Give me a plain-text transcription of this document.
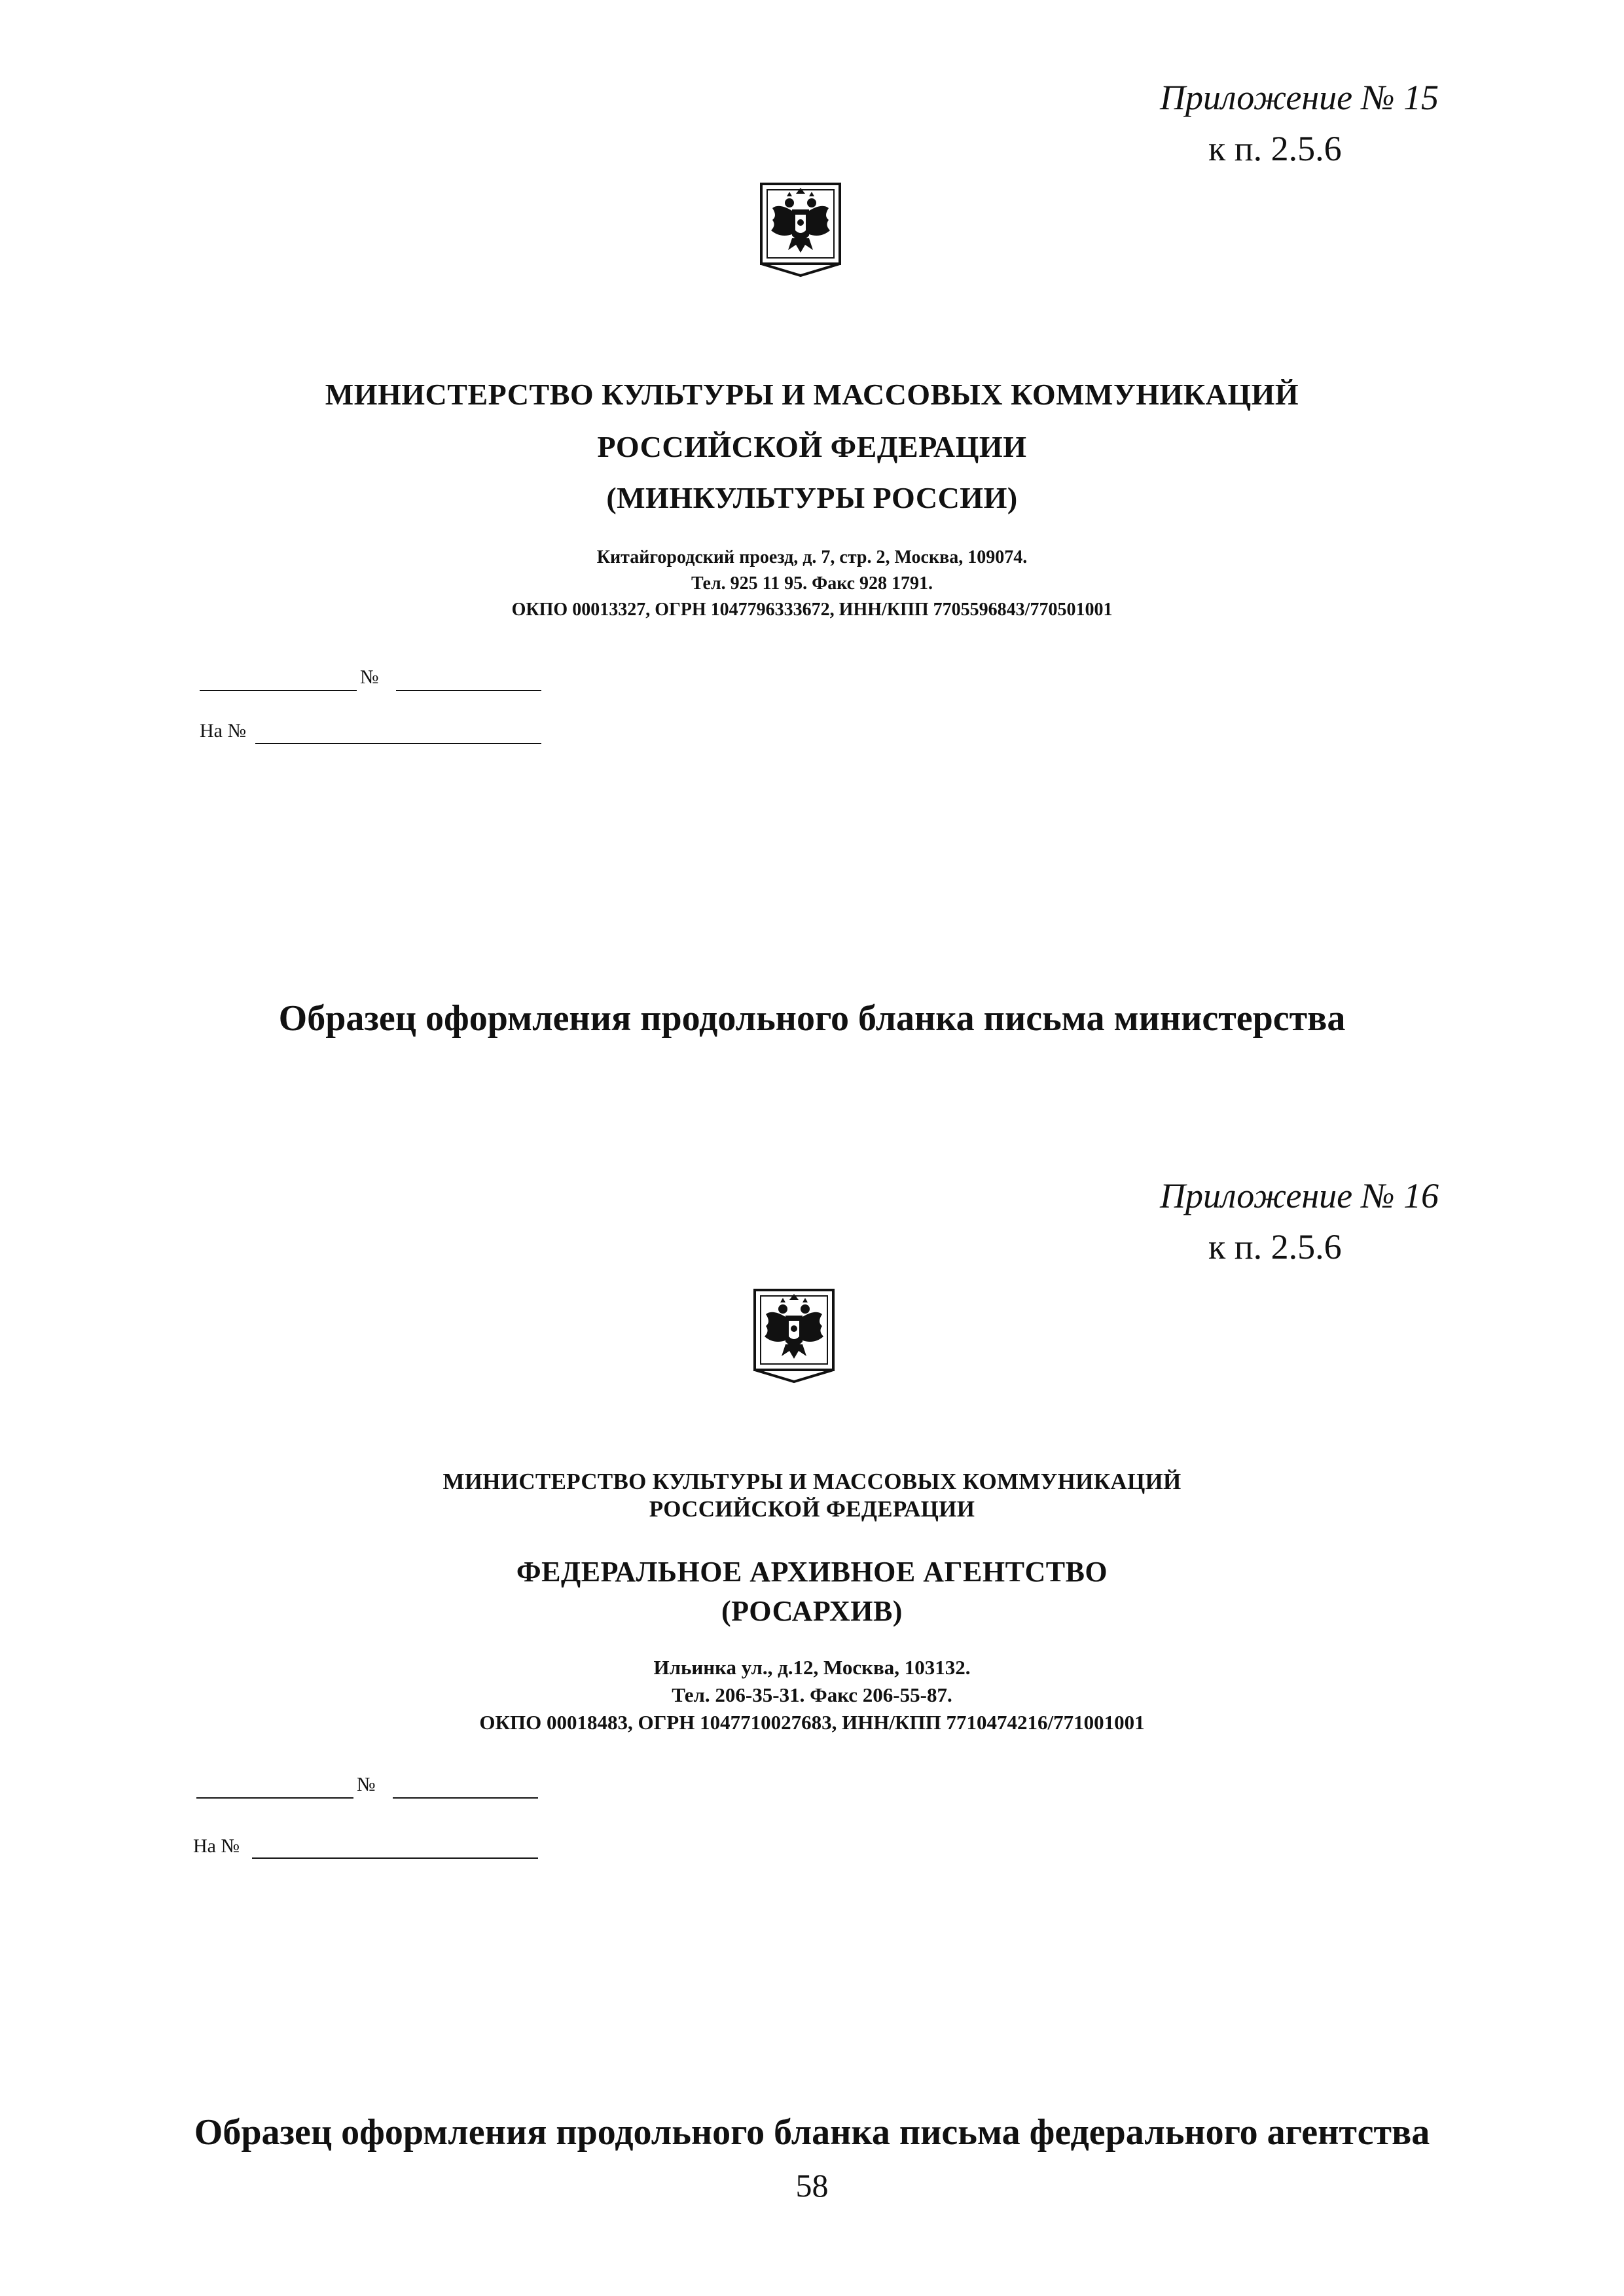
Приложение № 15
к п. 2.5.6
МИНИСТЕРСТВО КУЛЬТУРЫ И МАССОВЫХ КОММУНИКАЦИЙ
РОССИЙСКОЙ ФЕДЕРАЦИИ
(МИНКУЛЬТУРЫ РОССИИ)
Китайгородский проезд, д. 7, стр. 2, Москва, 109074.
Тел. 925 11 95. Факс 928 1791.
ОКПО 00013327, ОГРН 1047796333672, ИНН/КПП 7705596843/770501001
№
На №
Образец оформления продольного бланка письма министерства
Приложение № 16
к п. 2.5.6
МИНИСТЕРСТВО КУЛЬТУРЫ И МАССОВЫХ КОММУНИКАЦИЙ
РОССИЙСКОЙ ФЕДЕРАЦИИ
ФЕДЕРАЛЬНОЕ АРХИВНОЕ АГЕНТСТВО
(РОСАРХИВ)
Ильинка ул., д.12, Москва, 103132.
Тел. 206-35-31. Факс 206-55-87.
ОКПО 00018483, ОГРН 1047710027683, ИНН/КПП 7710474216/771001001
№
На №
Образец оформления продольного бланка письма федерального агентства
58
